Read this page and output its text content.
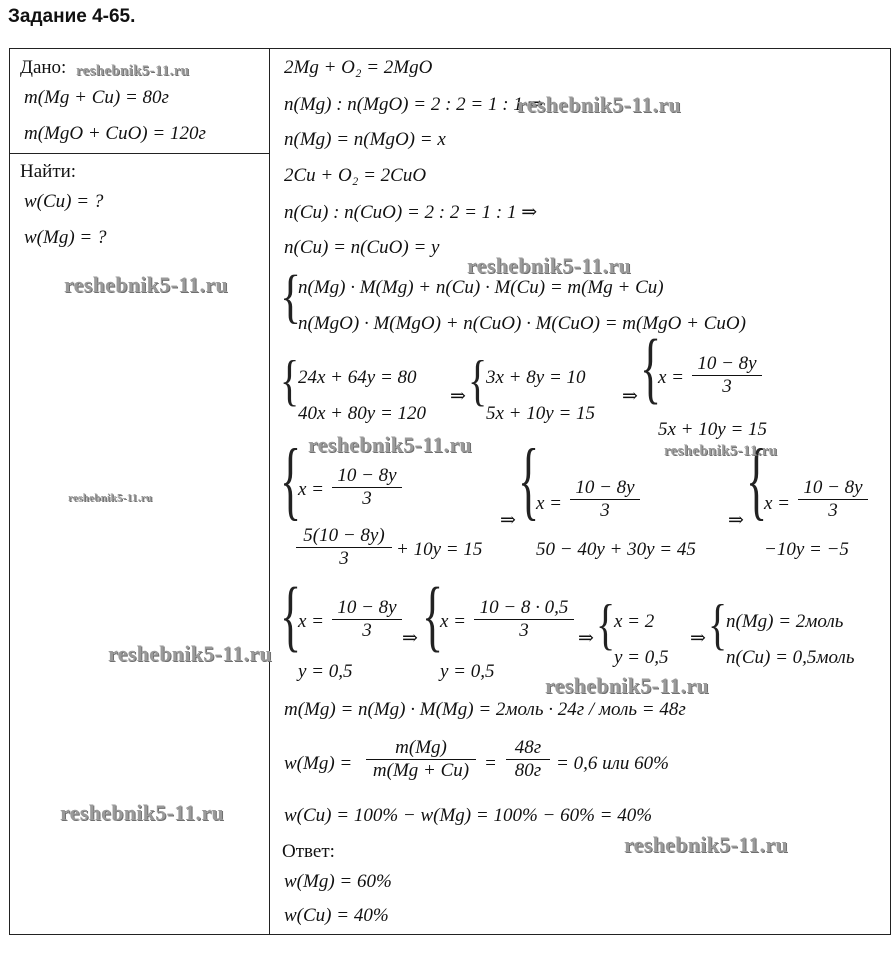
Задание 4-65.
Дано:
m(Mg + Cu) = 80г
m(MgO + CuO) = 120г
Найти:
w(Cu) = ?
w(Mg) = ?
2Mg + O₂ = 2MgO
n(Mg) : n(MgO) = 2 : 2 = 1 : 1 ⇒
n(Mg) = n(MgO) = x
2Cu + O₂ = 2CuO
n(Cu) : n(CuO) = 2 : 2 = 1 : 1 ⇒
n(Cu) = n(CuO) = y
{
n(Mg) · M(Mg) + n(Cu) · M(Cu) = m(Mg + Cu)
n(MgO) · M(MgO) + n(CuO) · M(CuO) = m(MgO + CuO)
{
24x + 64y = 80
40x + 80y = 120
⇒ {
3x + 8y = 10
5x + 10y = 15
⇒ {
$x = \frac{10 - 8y}{3}$
5x + 10y = 15
{
$x = \frac{10 - 8y}{3}$
$\frac{5(10 - 8y)}{3} + 10y = 15$
⇒ {
$x = \frac{10 - 8y}{3}$
50 − 40y + 30y = 45
⇒ {
$x = \frac{10 - 8y}{3}$
−10y = −5
{
$x = \frac{10 - 8y}{3}$
y = 0,5
⇒ {
$x = \frac{10 - 8 \cdot 0,5}{3}$
y = 0,5
⇒ {
x = 2
y = 0,5
⇒ {
n(Mg) = 2моль
n(Cu) = 0,5моль
m(Mg) = n(Mg) · M(Mg) = 2моль · 24г / моль = 48г
$w(Mg) = \frac{m(Mg)}{m(Mg + Cu)}$ =
48г
80г = 0,6 или 60%
w(Cu) = 100% − w(Mg) = 100% − 60% = 40%
Ответ:
w(Mg) = 60%
w(Cu) = 40%
reshebnik5-11.ru
reshebnik5-11.ru
reshebnik5-11.ru
reshebnik5-11.ru
reshebnik5-11.ru	reshebnik5-11.ru
reshebnik5-11.ru
reshebnik5-11.ru
reshebnik5-11.ru
reshebnik5-11.ru
reshebnik5-11.ru
